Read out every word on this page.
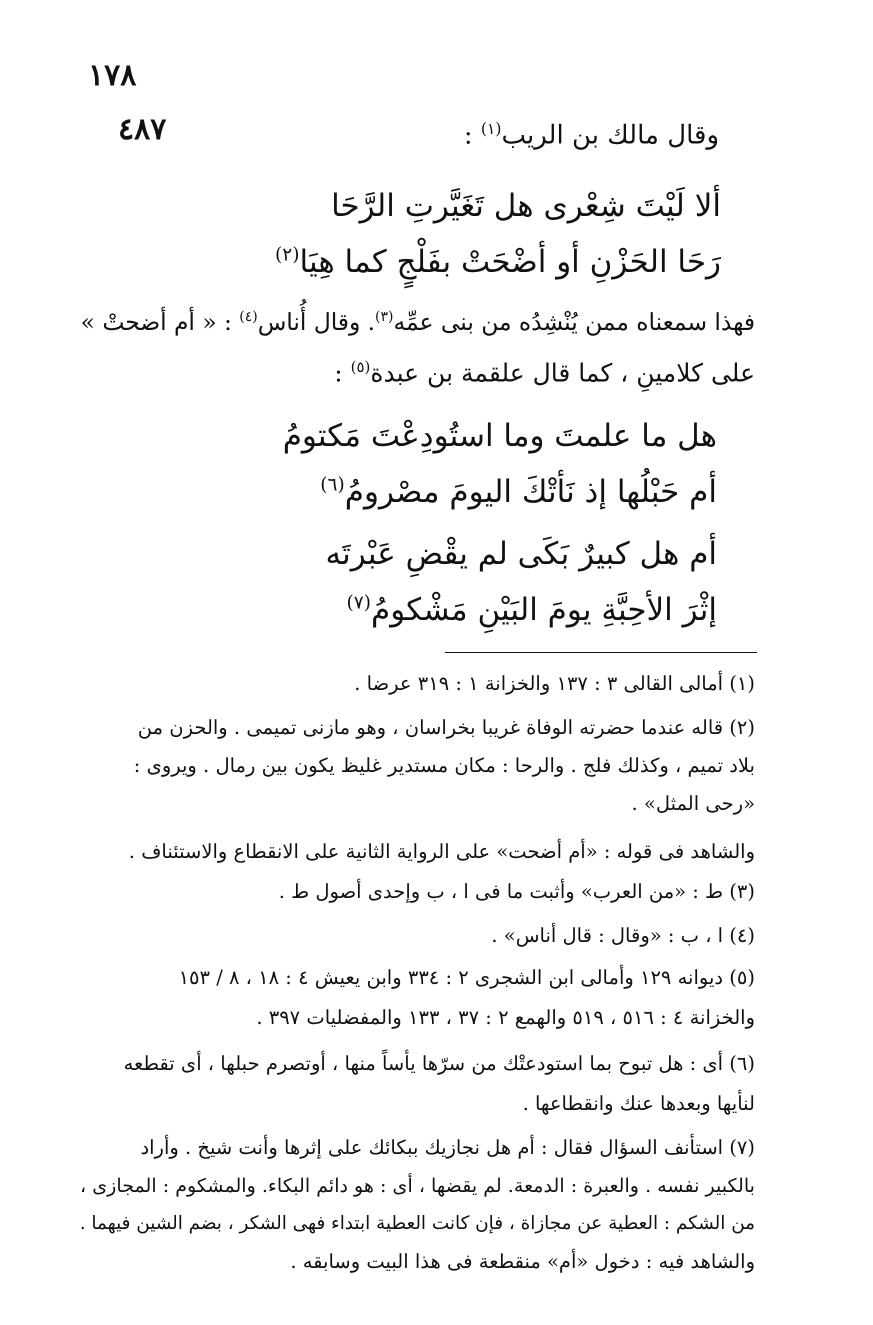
١٧٨
٤٨٧	وقال مالك بن الريب$^{(١)}$ :
ألا لَيْتَ شِعْرى هل تَغَيَّرتِ الرَّحَا
رَحَا الحَزْنِ أو أضْحَتْ بفَلْجٍ كما هِيَا$^{(٢)}$
فهذا سمعناه ممن يُنْشِدُه من بنى عمِّه$^{(٣)}$. وقال أُناس$^{(٤)}$ : « أم أضحتْ »
على كلامينِ ، كما قال علقمة بن عبدة$^{(٥)}$ :
هل ما علمتَ وما استُودِعْتَ مَكتومُ
أم حَبْلُها إذ نَأتْكَ اليومَ مصْرومُ$^{(٦)}$
أم هل كبيرٌ بَكَى لم يقْضِ عَبْرتَه
إثْرَ الأحِبَّةِ يومَ البَيْنِ مَشْكومُ$^{(٧)}$
(١) أمالى القالى ٣ : ١٣٧ والخزانة ١ : ٣١٩ عرضا .
(٢) قاله عندما حضرته الوفاة غريبا بخراسان ، وهو مازنى تميمى . والحزن من
بلاد تميم ، وكذلك فلج . والرحا : مكان مستدير غليظ يكون بين رمال . ويروى :
«رحى المثل» .
والشاهد فى قوله : «أم أضحت» على الرواية الثانية على الانقطاع والاستئناف .
(٣) ط : «من العرب» وأثبت ما فى ا ، ب وإحدى أصول ط .
(٤) ا ، ب : «وقال : قال أناس» .
(٥) ديوانه ١٢٩ وأمالى ابن الشجرى ٢ : ٣٣٤ وابن يعيش ٤ : ١٨ ، ٨ / ١٥٣
والخزانة ٤ : ٥١٦ ، ٥١٩ والهمع ٢ : ٣٧ ، ١٣٣ والمفضليات ٣٩٧ .
(٦) أى : هل تبوح بما استودعتْك من سرّها يأساً منها ، أوتصرم حبلها ، أى تقطعه
لنأيها وبعدها عنك وانقطاعها .
(٧) استأنف السؤال فقال : أم هل نجازيك ببكائك على إثرها وأنت شيخ . وأراد
بالكبير نفسه . والعبرة : الدمعة. لم يقضها ، أى : هو دائم البكاء. والمشكوم : المجازى ،
من الشكم : العطية عن مجازاة ، فإن كانت العطية ابتداء فهى الشكر ، بضم الشين فيهما .
والشاهد فيه : دخول «أم» منقطعة فى هذا البيت وسابقه .
